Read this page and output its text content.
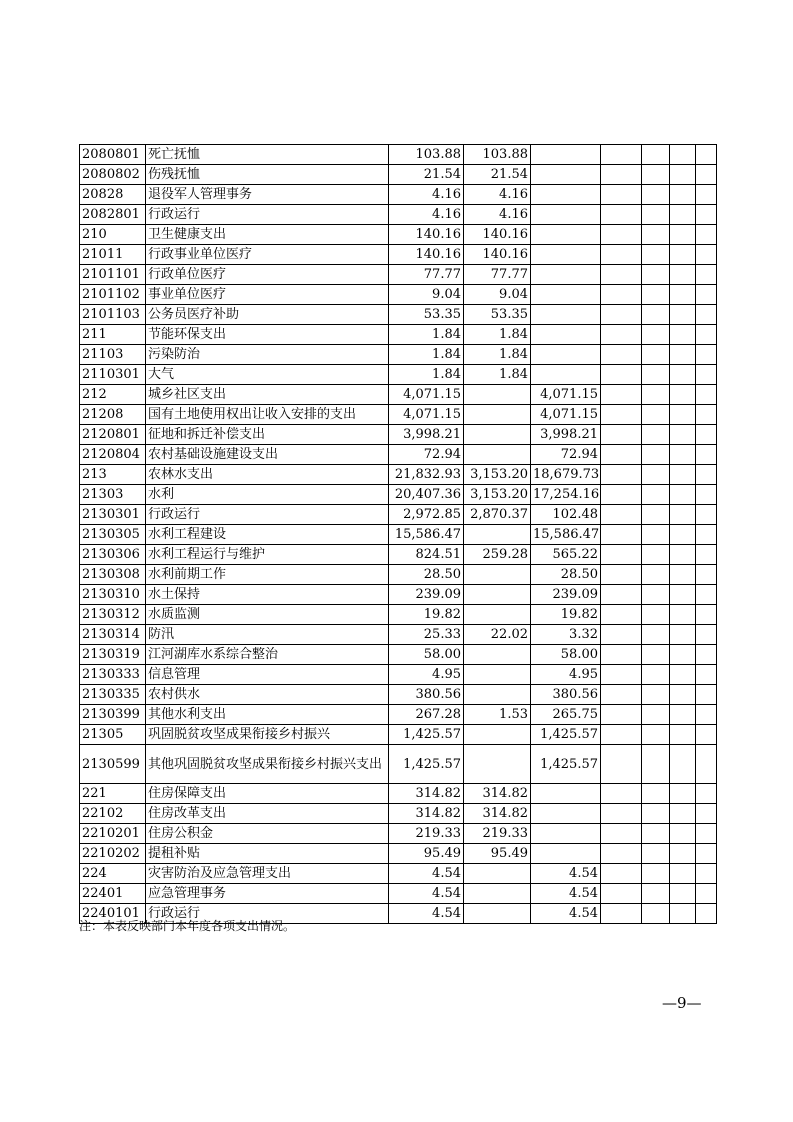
2080801	死亡抚恤	103.88	103.88					
2080802	伤残抚恤	21.54	21.54					
20828	退役军人管理事务	4.16	4.16					
2082801	行政运行	4.16	4.16					
210	卫生健康支出	140.16	140.16					
21011	行政事业单位医疗	140.16	140.16					
2101101	行政单位医疗	77.77	77.77					
2101102	事业单位医疗	9.04	9.04					
2101103	公务员医疗补助	53.35	53.35					
211	节能环保支出	1.84	1.84					
21103	污染防治	1.84	1.84					
2110301	大气	1.84	1.84					
212	城乡社区支出	4,071.15		4,071.15				
21208	国有土地使用权出让收入安排的支出	4,071.15		4,071.15				
2120801	征地和拆迁补偿支出	3,998.21		3,998.21				
2120804	农村基础设施建设支出	72.94		72.94				
213	农林水支出	21,832.93	3,153.20	18,679.73				
21303	水利	20,407.36	3,153.20	17,254.16				
2130301	行政运行	2,972.85	2,870.37	102.48				
2130305	水利工程建设	15,586.47		15,586.47				
2130306	水利工程运行与维护	824.51	259.28	565.22				
2130308	水利前期工作	28.50		28.50				
2130310	水土保持	239.09		239.09				
2130312	水质监测	19.82		19.82				
2130314	防汛	25.33	22.02	3.32				
2130319	江河湖库水系综合整治	58.00		58.00				
2130333	信息管理	4.95		4.95				
2130335	农村供水	380.56		380.56				
2130399	其他水利支出	267.28	1.53	265.75				
21305	巩固脱贫攻坚成果衔接乡村振兴	1,425.57		1,425.57				
2130599	其他巩固脱贫攻坚成果衔接乡村振兴支出	1,425.57		1,425.57				
221	住房保障支出	314.82	314.82					
22102	住房改革支出	314.82	314.82					
2210201	住房公积金	219.33	219.33					
2210202	提租补贴	95.49	95.49					
224	灾害防治及应急管理支出	4.54		4.54				
22401	应急管理事务	4.54		4.54				
2240101	行政运行	4.54		4.54				
注：本表反映部门本年度各项支出情况。
—9—
